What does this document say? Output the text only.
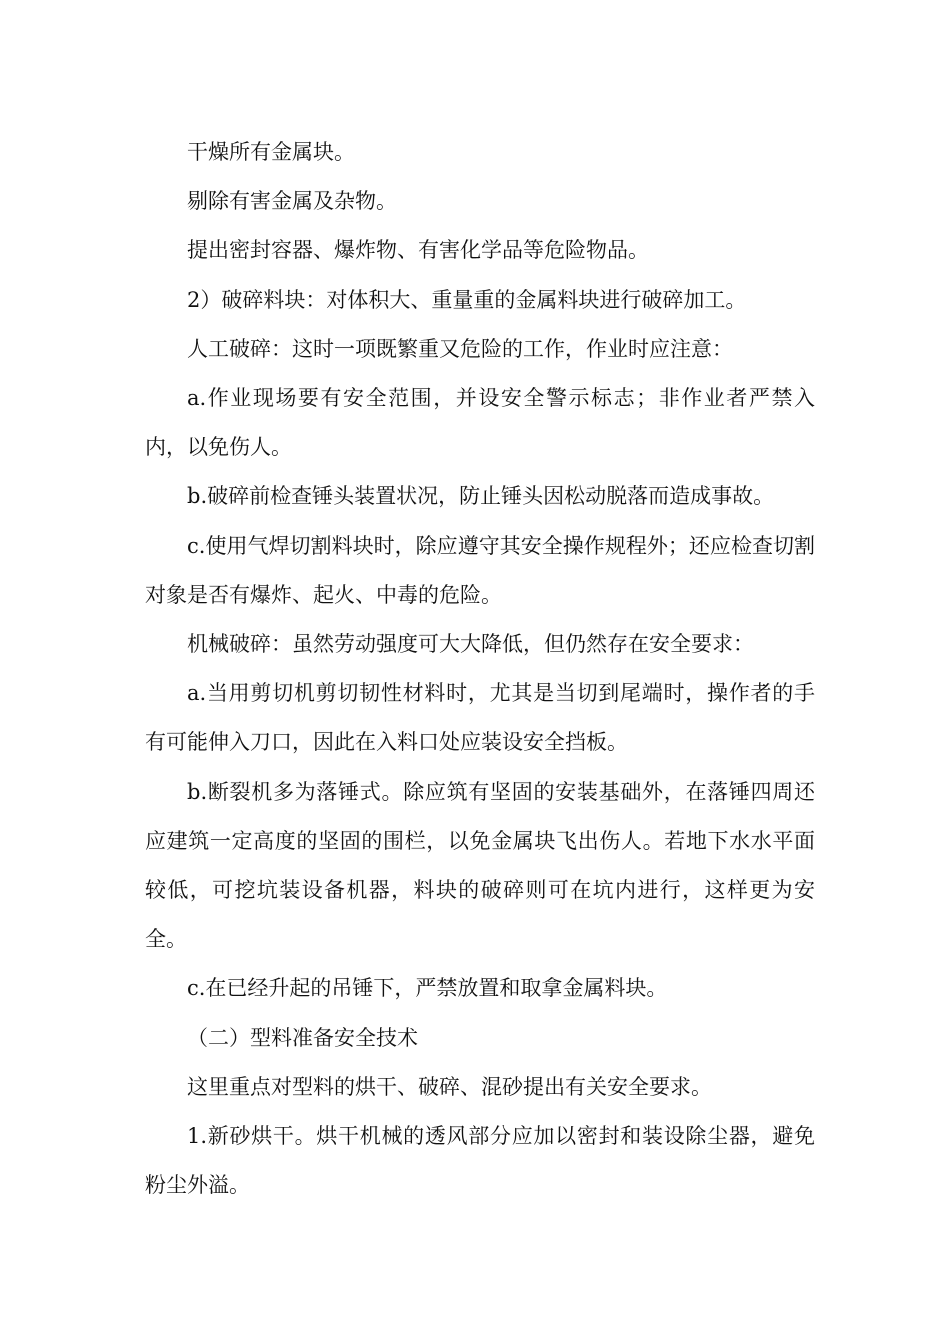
干燥所有金属块。

剔除有害金属及杂物。

提出密封容器、爆炸物、有害化学品等危险物品。

2）破碎料块：对体积大、重量重的金属料块进行破碎加工。

人工破碎：这时一项既繁重又危险的工作，作业时应注意：

a.作业现场要有安全范围，并设安全警示标志；非作业者严禁入内，以免伤人。

b.破碎前检查锤头装置状况，防止锤头因松动脱落而造成事故。

c.使用气焊切割料块时，除应遵守其安全操作规程外；还应检查切割对象是否有爆炸、起火、中毒的危险。

机械破碎：虽然劳动强度可大大降低，但仍然存在安全要求：

a.当用剪切机剪切韧性材料时，尤其是当切到尾端时，操作者的手有可能伸入刀口，因此在入料口处应装设安全挡板。

b.断裂机多为落锤式。除应筑有坚固的安装基础外，在落锤四周还应建筑一定高度的坚固的围栏，以免金属块飞出伤人。若地下水水平面较低，可挖坑装设备机器，料块的破碎则可在坑内进行，这样更为安全。

c.在已经升起的吊锤下，严禁放置和取拿金属料块。

（二）型料准备安全技术

这里重点对型料的烘干、破碎、混砂提出有关安全要求。

1.新砂烘干。烘干机械的透风部分应加以密封和装设除尘器，避免粉尘外溢。
